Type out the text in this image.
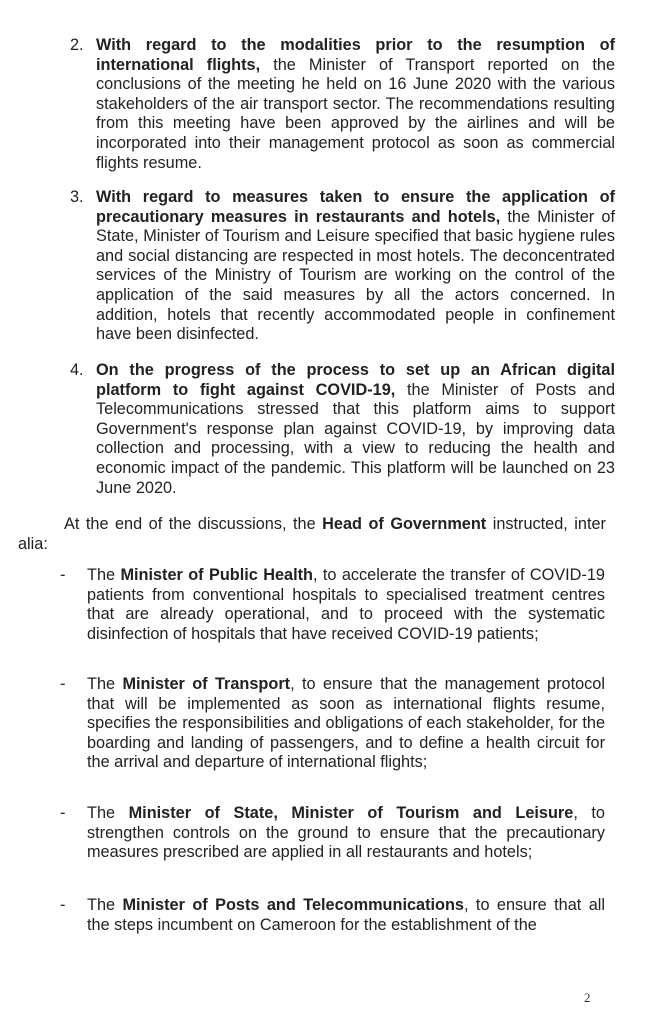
2. With regard to the modalities prior to the resumption of international flights, the Minister of Transport reported on the conclusions of the meeting he held on 16 June 2020 with the various stakeholders of the air transport sector. The recommendations resulting from this meeting have been approved by the airlines and will be incorporated into their management protocol as soon as commercial flights resume.
3. With regard to measures taken to ensure the application of precautionary measures in restaurants and hotels, the Minister of State, Minister of Tourism and Leisure specified that basic hygiene rules and social distancing are respected in most hotels. The deconcentrated services of the Ministry of Tourism are working on the control of the application of the said measures by all the actors concerned. In addition, hotels that recently accommodated people in confinement have been disinfected.
4. On the progress of the process to set up an African digital platform to fight against COVID-19, the Minister of Posts and Telecommunications stressed that this platform aims to support Government's response plan against COVID-19, by improving data collection and processing, with a view to reducing the health and economic impact of the pandemic. This platform will be launched on 23 June 2020.
At the end of the discussions, the Head of Government instructed, inter alia:
- The Minister of Public Health, to accelerate the transfer of COVID-19 patients from conventional hospitals to specialised treatment centres that are already operational, and to proceed with the systematic disinfection of hospitals that have received COVID-19 patients;
- The Minister of Transport, to ensure that the management protocol that will be implemented as soon as international flights resume, specifies the responsibilities and obligations of each stakeholder, for the boarding and landing of passengers, and to define a health circuit for the arrival and departure of international flights;
- The Minister of State, Minister of Tourism and Leisure, to strengthen controls on the ground to ensure that the precautionary measures prescribed are applied in all restaurants and hotels;
- The Minister of Posts and Telecommunications, to ensure that all the steps incumbent on Cameroon for the establishment of the
2
